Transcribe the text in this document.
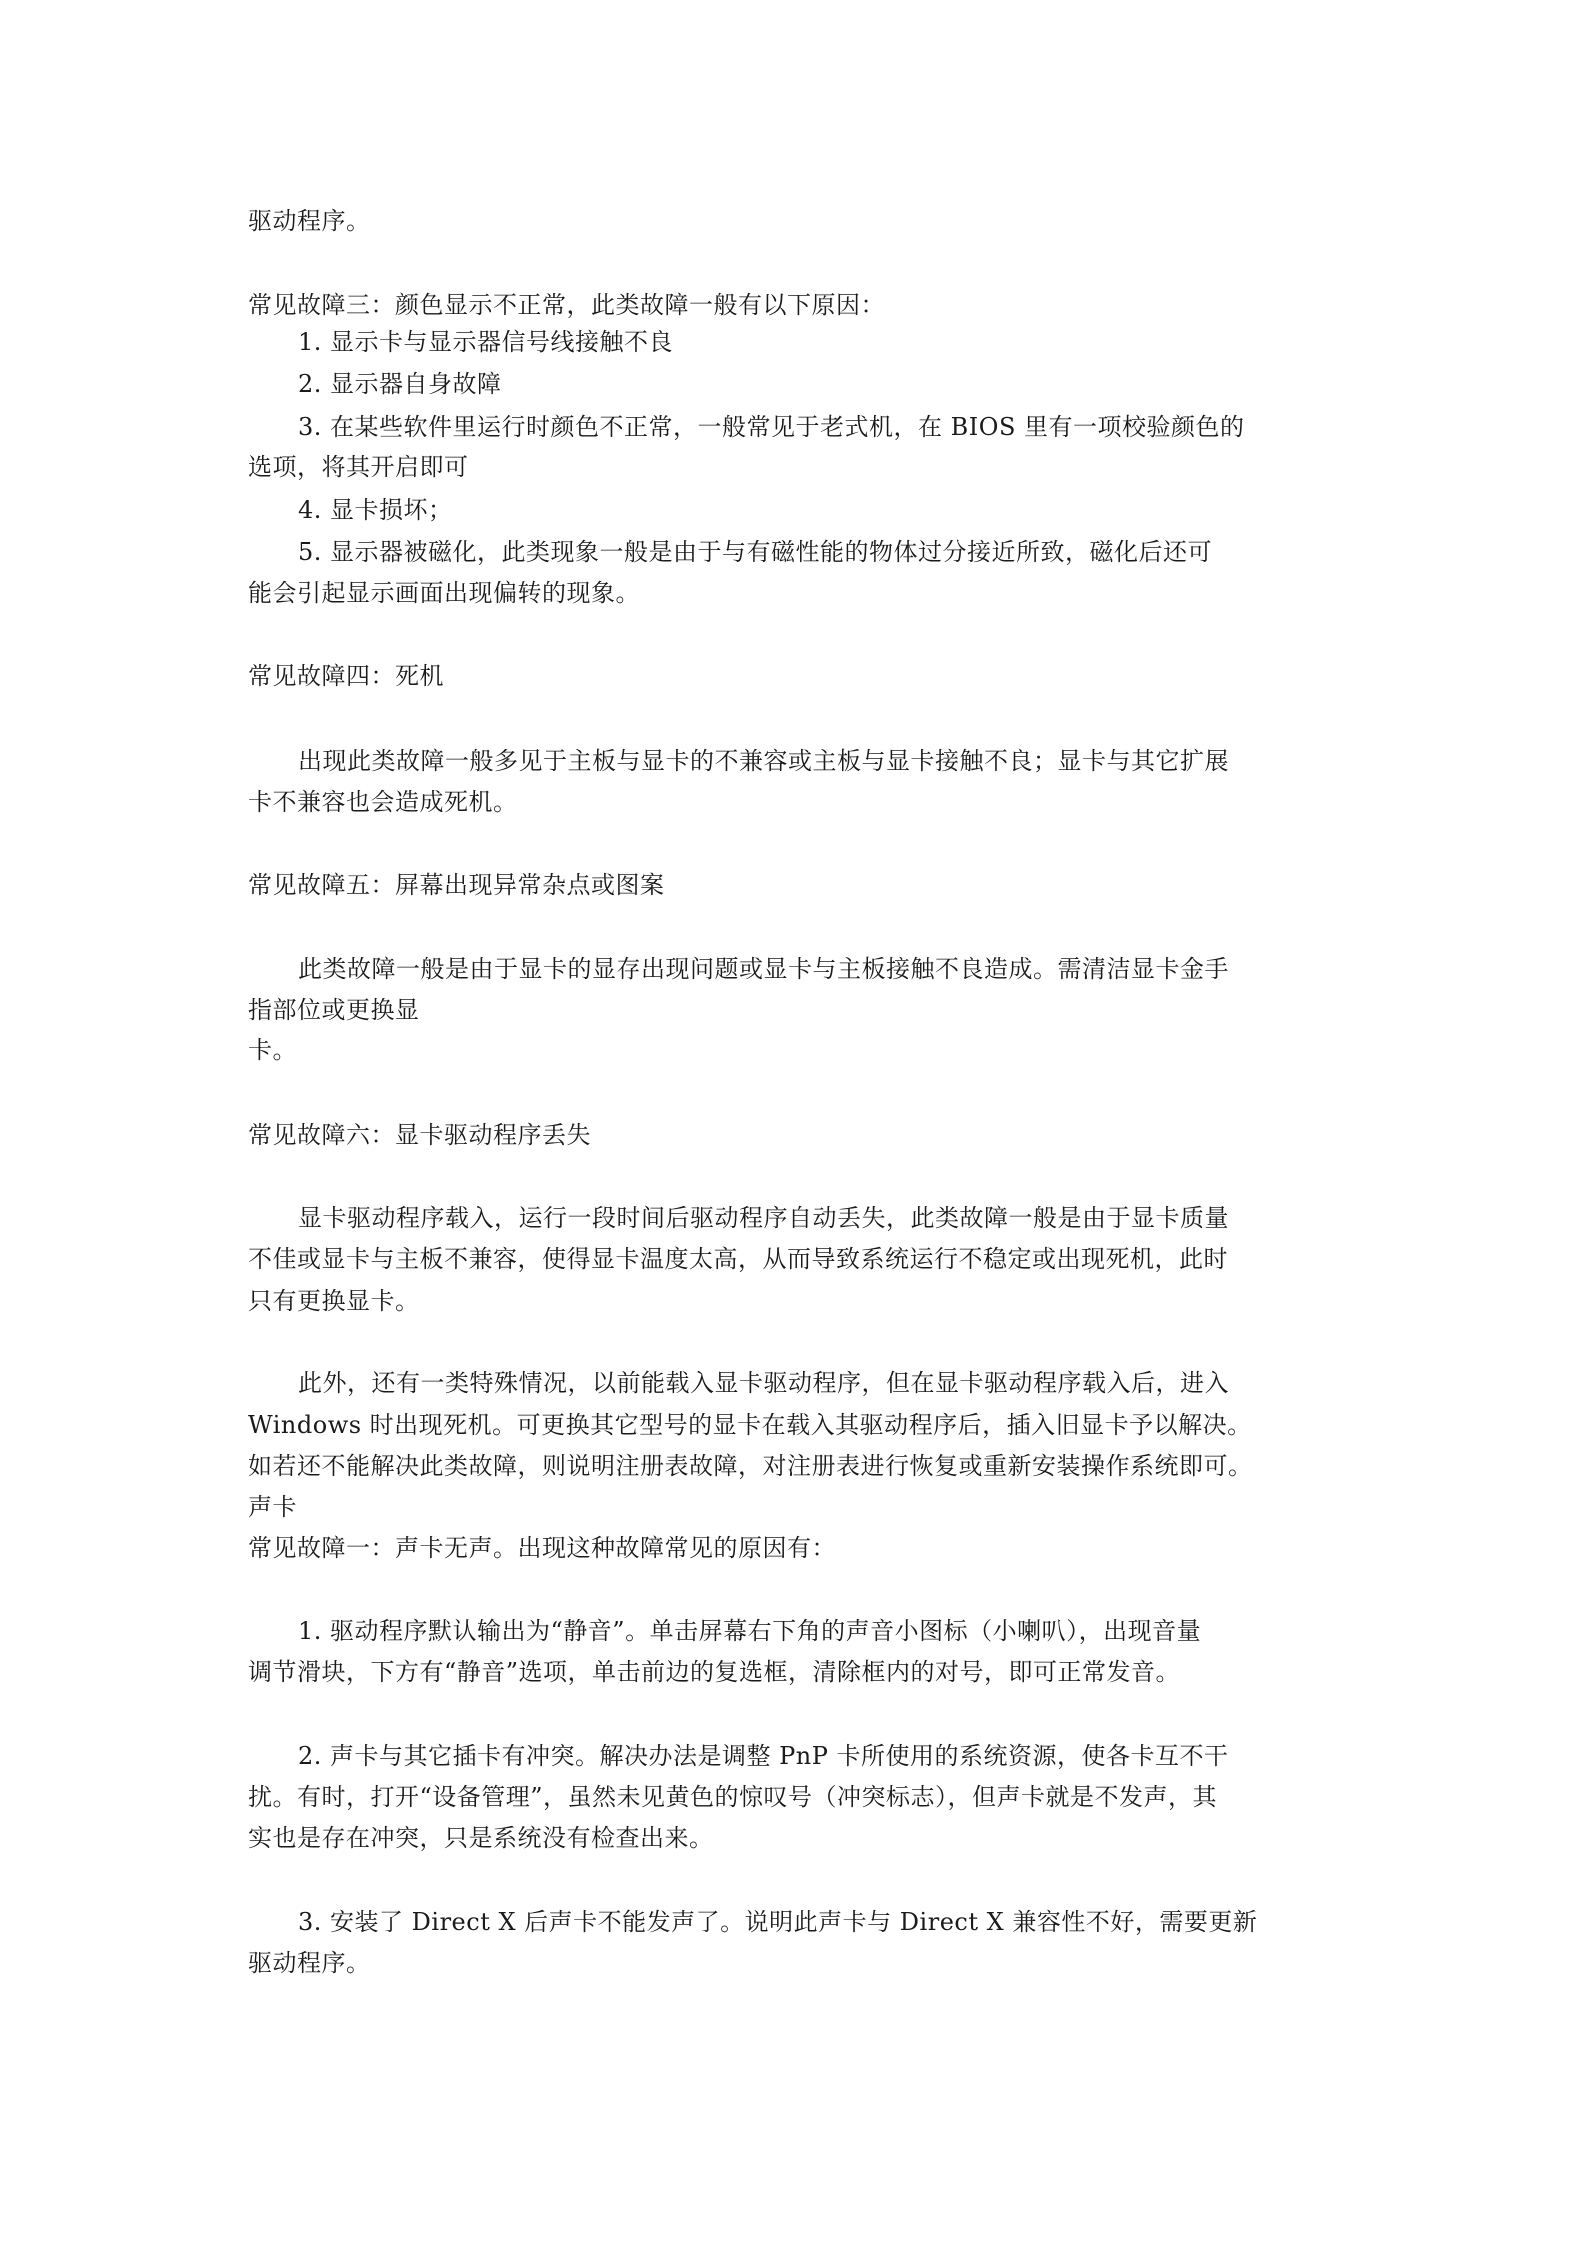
驱动程序。
常见故障三：颜色显示不正常，此类故障一般有以下原因：
1. 显示卡与显示器信号线接触不良
2. 显示器自身故障
3. 在某些软件里运行时颜色不正常，一般常见于老式机，在 BIOS 里有一项校验颜色的
选项，将其开启即可
4. 显卡损坏；
5. 显示器被磁化，此类现象一般是由于与有磁性能的物体过分接近所致，磁化后还可
能会引起显示画面出现偏转的现象。
常见故障四：死机
出现此类故障一般多见于主板与显卡的不兼容或主板与显卡接触不良；显卡与其它扩展
卡不兼容也会造成死机。
常见故障五：屏幕出现异常杂点或图案
此类故障一般是由于显卡的显存出现问题或显卡与主板接触不良造成。需清洁显卡金手
指部位或更换显
卡。
常见故障六：显卡驱动程序丢失
显卡驱动程序载入，运行一段时间后驱动程序自动丢失，此类故障一般是由于显卡质量
不佳或显卡与主板不兼容，使得显卡温度太高，从而导致系统运行不稳定或出现死机，此时
只有更换显卡。
此外，还有一类特殊情况，以前能载入显卡驱动程序，但在显卡驱动程序载入后，进入
Windows 时出现死机。可更换其它型号的显卡在载入其驱动程序后，插入旧显卡予以解决。
如若还不能解决此类故障，则说明注册表故障，对注册表进行恢复或重新安装操作系统即可。
声卡
常见故障一：声卡无声。出现这种故障常见的原因有：
1. 驱动程序默认输出为“静音”。单击屏幕右下角的声音小图标（小喇叭），出现音量
调节滑块，下方有“静音”选项，单击前边的复选框，清除框内的对号，即可正常发音。
2. 声卡与其它插卡有冲突。解决办法是调整 PnP 卡所使用的系统资源，使各卡互不干
扰。有时，打开“设备管理”，虽然未见黄色的惊叹号（冲突标志），但声卡就是不发声，其
实也是存在冲突，只是系统没有检查出来。
3. 安装了 Direct X 后声卡不能发声了。说明此声卡与 Direct X 兼容性不好，需要更新
驱动程序。
